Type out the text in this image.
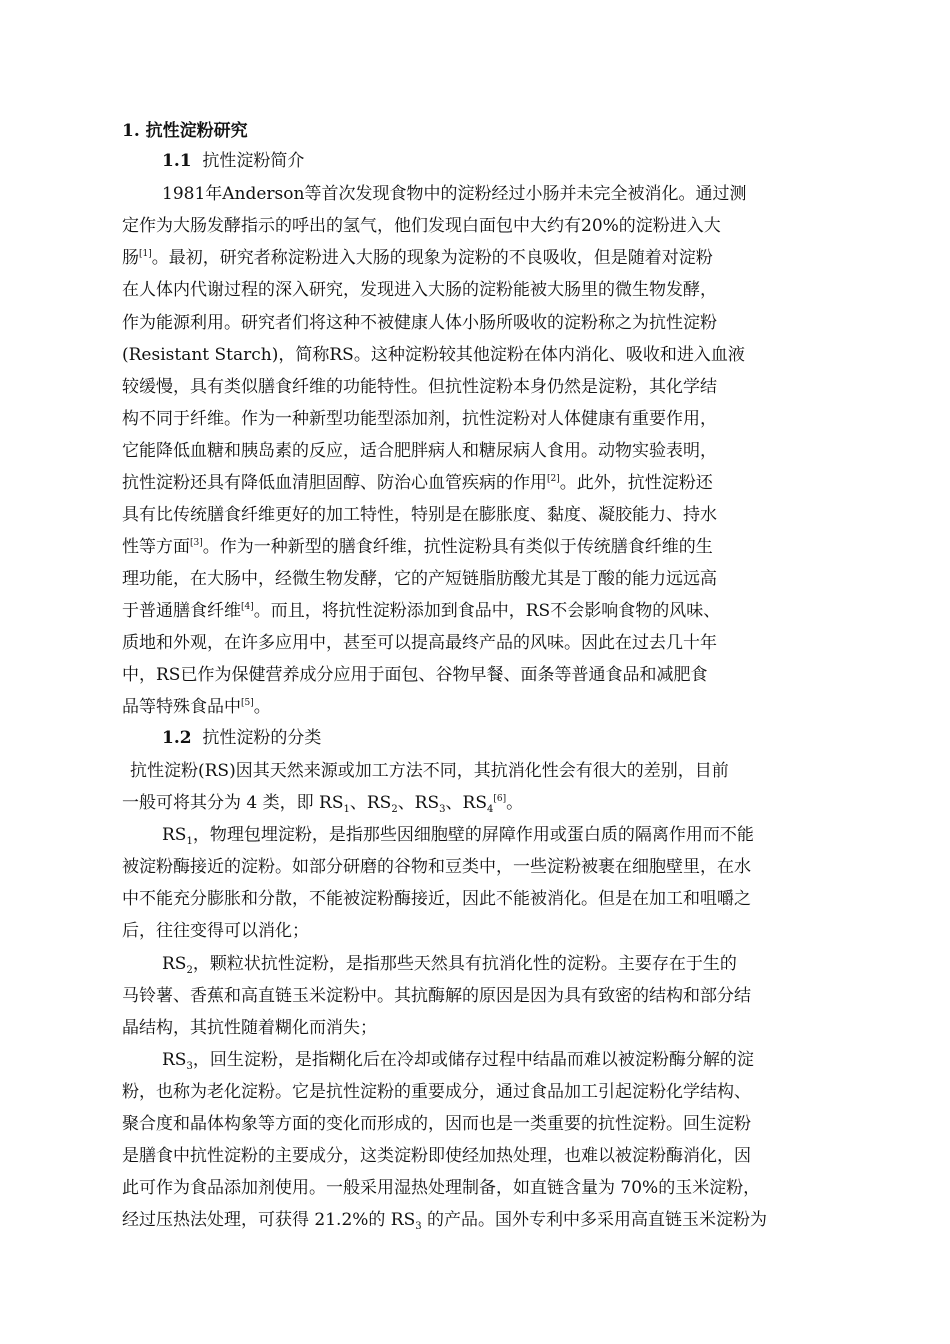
1. 抗性淀粉研究
1.1 抗性淀粉简介
1981年Anderson等首次发现食物中的淀粉经过小肠并未完全被消化。通过测
定作为大肠发酵指示的呼出的氢气，他们发现白面包中大约有20%的淀粉进入大
肠[1]。最初，研究者称淀粉进入大肠的现象为淀粉的不良吸收，但是随着对淀粉
在人体内代谢过程的深入研究，发现进入大肠的淀粉能被大肠里的微生物发酵，
作为能源利用。研究者们将这种不被健康人体小肠所吸收的淀粉称之为抗性淀粉
(Resistant Starch)，简称RS。这种淀粉较其他淀粉在体内消化、吸收和进入血液
较缓慢，具有类似膳食纤维的功能特性。但抗性淀粉本身仍然是淀粉，其化学结
构不同于纤维。作为一种新型功能型添加剂，抗性淀粉对人体健康有重要作用，
它能降低血糖和胰岛素的反应，适合肥胖病人和糖尿病人食用。动物实验表明，
抗性淀粉还具有降低血清胆固醇、防治心血管疾病的作用[2]。此外，抗性淀粉还
具有比传统膳食纤维更好的加工特性，特别是在膨胀度、黏度、凝胶能力、持水
性等方面[3]。作为一种新型的膳食纤维，抗性淀粉具有类似于传统膳食纤维的生
理功能，在大肠中，经微生物发酵，它的产短链脂肪酸尤其是丁酸的能力远远高
于普通膳食纤维[4]。而且，将抗性淀粉添加到食品中，RS不会影响食物的风味、
质地和外观，在许多应用中，甚至可以提高最终产品的风味。因此在过去几十年
中，RS已作为保健营养成分应用于面包、谷物早餐、面条等普通食品和减肥食
品等特殊食品中[5]。
1.2 抗性淀粉的分类
抗性淀粉(RS)因其天然来源或加工方法不同，其抗消化性会有很大的差别，目前
一般可将其分为 4 类，即 $RS_1$、$RS_2$、$RS_3$、$RS_4[6]$。
$RS_1$，物理包埋淀粉，是指那些因细胞壁的屏障作用或蛋白质的隔离作用而不能
被淀粉酶接近的淀粉。如部分研磨的谷物和豆类中，一些淀粉被裹在细胞壁里，在水
中不能充分膨胀和分散，不能被淀粉酶接近，因此不能被消化。但是在加工和咀嚼之
后，往往变得可以消化；
$RS_2$，颗粒状抗性淀粉，是指那些天然具有抗消化性的淀粉。主要存在于生的
马铃薯、香蕉和高直链玉米淀粉中。其抗酶解的原因是因为具有致密的结构和部分结
晶结构，其抗性随着糊化而消失；
$RS_3$，回生淀粉，是指糊化后在冷却或储存过程中结晶而难以被淀粉酶分解的淀
粉，也称为老化淀粉。它是抗性淀粉的重要成分，通过食品加工引起淀粉化学结构、
聚合度和晶体构象等方面的变化而形成的，因而也是一类重要的抗性淀粉。回生淀粉
是膳食中抗性淀粉的主要成分，这类淀粉即使经加热处理，也难以被淀粉酶消化，因
此可作为食品添加剂使用。一般采用湿热处理制备，如直链含量为 70%的玉米淀粉，
经过压热法处理，可获得 21.2%的 $RS_3$ 的产品。国外专利中多采用高直链玉米淀粉为
